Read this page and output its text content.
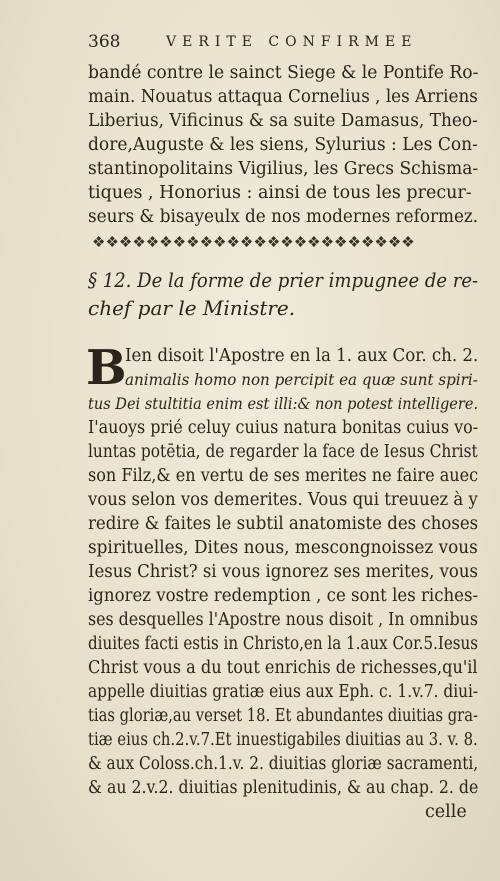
368	VERITE CONFIRMEE
bandé contre le sainct Siege & le Pontife Ro-
main. Nouatus attaqua Cornelius , les Arriens
Liberius, Vificinus & sa suite Damasus, Theo-
dore,Auguste & les siens, Sylurius : Les Con-
stantinopolitains Vigilius, les Grecs Schisma-
tiques , Honorius : ainsi de tous les precur-
seurs & bisayeulx de nos modernes reformez.
❖❖❖❖❖❖❖❖❖❖❖❖❖❖❖❖❖❖❖❖❖❖❖❖
§ 12. De la forme de prier impugnee de re-
chef par le Ministre.
B
Ien disoit l'Apostre en la 1. aux Cor. ch. 2.
animalis homo non percipit ea quæ sunt spiri-
tus Dei stultitia enim est illi:& non potest intelligere.
I'auoys prié celuy cuius natura bonitas cuius vo-
luntas potētia, de regarder la face de Iesus Christ
son Filz,& en vertu de ses merites ne faire auec
vous selon vos demerites. Vous qui treuuez à y
redire & faites le subtil anatomiste des choses
spirituelles, Dites nous, mescongnoissez vous
Iesus Christ? si vous ignorez ses merites, vous
ignorez vostre redemption , ce sont les riches-
ses desquelles l'Apostre nous disoit , In omnibus
diuites facti estis in Christo,en la 1.aux Cor.5.Iesus
Christ vous a du tout enrichis de richesses,qu'il
appelle diuitias gratiæ eius aux Eph. c. 1.v.7. diui-
tias gloriæ,au verset 18. Et abundantes diuitias gra-
tiæ eius ch.2.v.7.Et inuestigabiles diuitias au 3. v. 8.
& aux Coloss.ch.1.v. 2. diuitias gloriæ sacramenti,
& au 2.v.2. diuitias plenitudinis, & au chap. 2. de
celle
